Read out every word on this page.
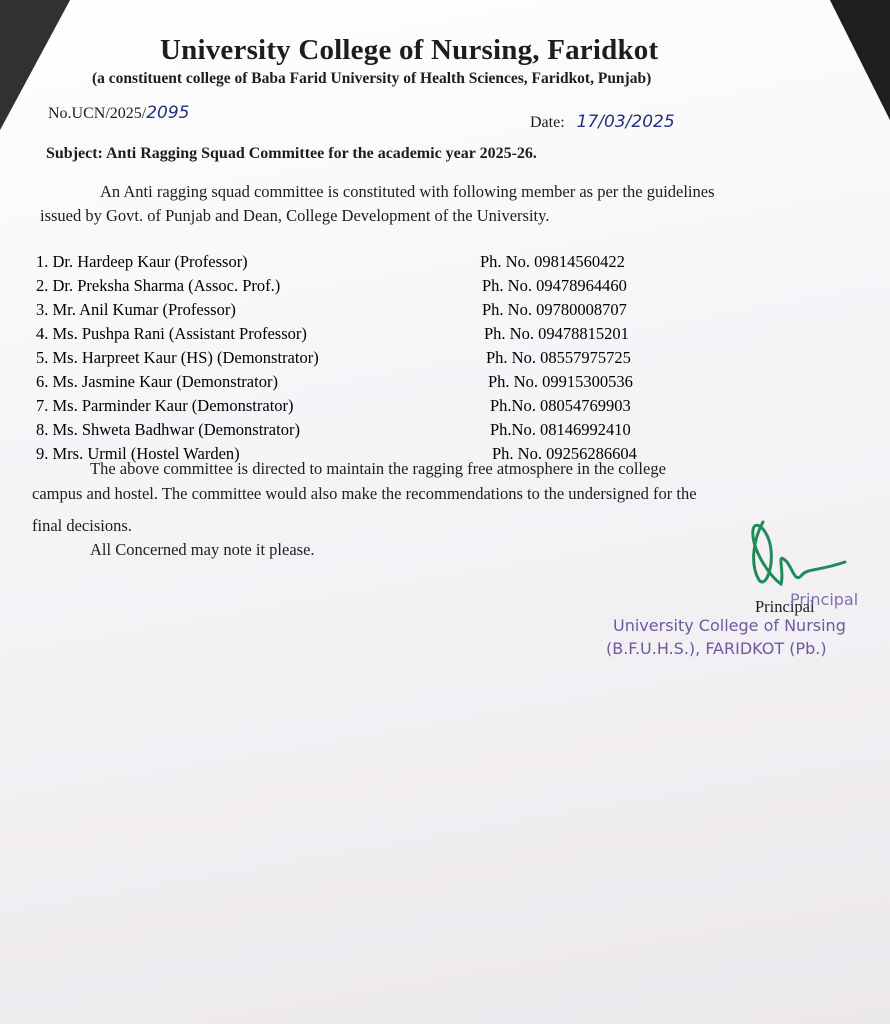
University College of Nursing, Faridkot
(a constituent college of Baba Farid University of Health Sciences, Faridkot, Punjab)
No.UCN/2025/2095	Date: 17/03/2025
Subject: Anti Ragging Squad Committee for the academic year 2025-26.
An Anti ragging squad committee is constituted with following member as per the guidelines
issued by Govt. of Punjab and Dean, College Development of the University.
1. Dr. Hardeep Kaur (Professor)	Ph. No. 09814560422
2. Dr. Preksha Sharma (Assoc. Prof.)	Ph. No. 09478964460
3. Mr. Anil Kumar (Professor)	Ph. No. 09780008707
4. Ms. Pushpa Rani (Assistant Professor)	Ph. No. 09478815201
5. Ms. Harpreet Kaur (HS) (Demonstrator)	Ph. No. 08557975725
6. Ms. Jasmine Kaur (Demonstrator)	Ph. No. 09915300536
7. Ms. Parminder Kaur (Demonstrator)	Ph.No. 08054769903
8. Ms. Shweta Badhwar (Demonstrator)	Ph.No. 08146992410
9. Mrs. Urmil (Hostel Warden)	Ph. No. 09256286604
The above committee is directed to maintain the ragging free atmosphere in the college
campus and hostel. The committee would also make the recommendations to the undersigned for the
final decisions.
All Concerned may note it please.
Principal
Principal
University College of Nursing
(B.F.U.H.S.), FARIDKOT (Pb.)
